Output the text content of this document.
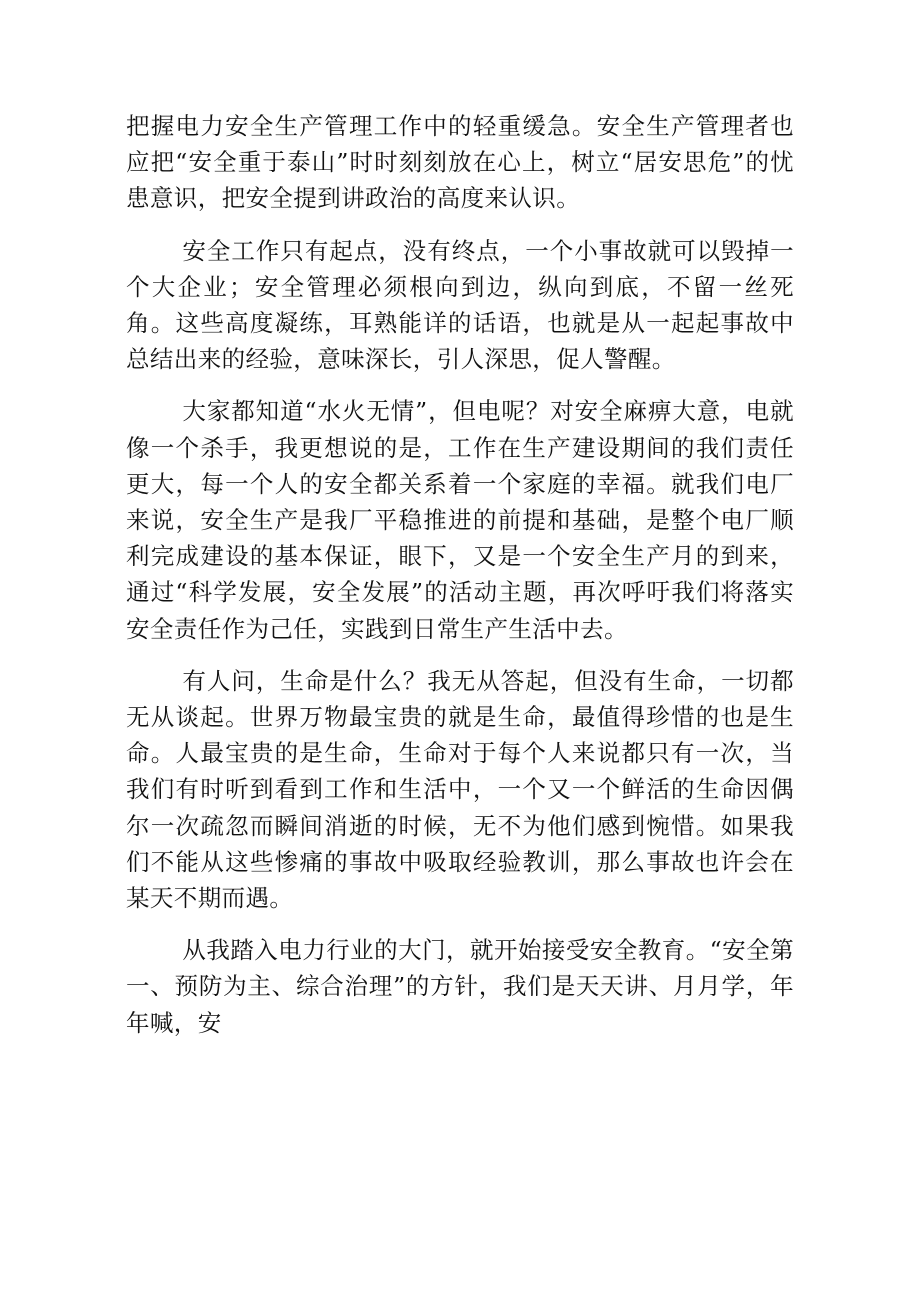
把握电力安全生产管理工作中的轻重缓急。安全生产管理者也应把“安全重于泰山”时时刻刻放在心上，树立“居安思危”的忧患意识，把安全提到讲政治的高度来认识。

安全工作只有起点，没有终点，一个小事故就可以毁掉一个大企业；安全管理必须根向到边，纵向到底，不留一丝死角。这些高度凝练，耳熟能详的话语，也就是从一起起事故中总结出来的经验，意味深长，引人深思，促人警醒。

大家都知道“水火无情”，但电呢？对安全麻痹大意，电就像一个杀手，我更想说的是，工作在生产建设期间的我们责任更大，每一个人的安全都关系着一个家庭的幸福。就我们电厂来说，安全生产是我厂平稳推进的前提和基础，是整个电厂顺利完成建设的基本保证，眼下，又是一个安全生产月的到来，通过“科学发展，安全发展”的活动主题，再次呼吁我们将落实安全责任作为己任，实践到日常生产生活中去。

有人问，生命是什么？我无从答起，但没有生命，一切都无从谈起。世界万物最宝贵的就是生命，最值得珍惜的也是生命。人最宝贵的是生命，生命对于每个人来说都只有一次，当我们有时听到看到工作和生活中，一个又一个鲜活的生命因偶尔一次疏忽而瞬间消逝的时候，无不为他们感到惋惜。如果我们不能从这些惨痛的事故中吸取经验教训，那么事故也许会在某天不期而遇。

从我踏入电力行业的大门，就开始接受安全教育。“安全第一、预防为主、综合治理”的方针，我们是天天讲、月月学，年年喊，安
